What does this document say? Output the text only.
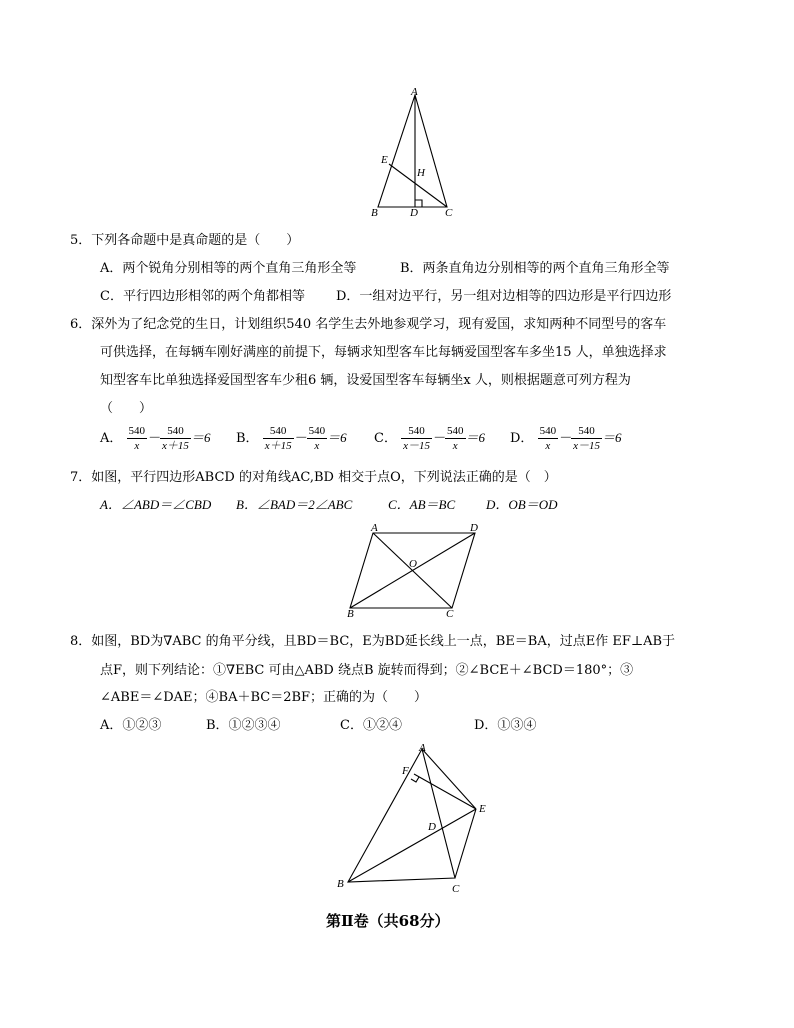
A
E
H
B	D C
5．下列各命题中是真命题的是（　　）
A．两个锐角分别相等的两个直角三角形全等	B．两条直角边分别相等的两个直角三角形全等
C．平行四边形相邻的两个角都相等 D．一组对边平行，另一组对边相等的四边形是平行四边形
6．深外为了纪念党的生日，计划组织540 名学生去外地参观学习，现有爱国，求知两种不同型号的客车
可供选择，在每辆车刚好满座的前提下，每辆求知型客车比每辆爱国型客车多坐15 人，单独选择求
知型客车比单独选择爱国型客车少租6 辆，设爱国型客车每辆坐x 人，则根据题意可列方程为
（　　）
A． $\frac{540}{x} - \frac{540}{x+15} =6$ B． $\frac{540}{x+15} - \frac{540}{x} =6$ C． $\frac{540}{x-15} - \frac{540}{x} =6$ D． $\frac{540}{x} - \frac{540}{x-15} =6$
7．如图，平行四边形ABCD 的对角线AC,BD 相交于点O，下列说法正确的是（　）
A．∠ABD＝∠CBD B．∠BAD＝2∠ABC	C．AB＝BC D．OB＝OD
A	D
O
B	C
8．如图，BD为∇ABC 的角平分线，且BD＝BC，E为BD延长线上一点，BE＝BA，过点E作 EF⊥AB于
点F，则下列结论：①∇EBC 可由△ABD 绕点B 旋转而得到；②∠BCE＋∠BCD＝180°；③
∠ABE＝∠DAE；④BA＋BC＝2BF；正确的为（　　）
A．①②③	B．①②③④	C．①②④	D．①③④
A
F
E
D
B	C
第Ⅱ卷（共68分）
